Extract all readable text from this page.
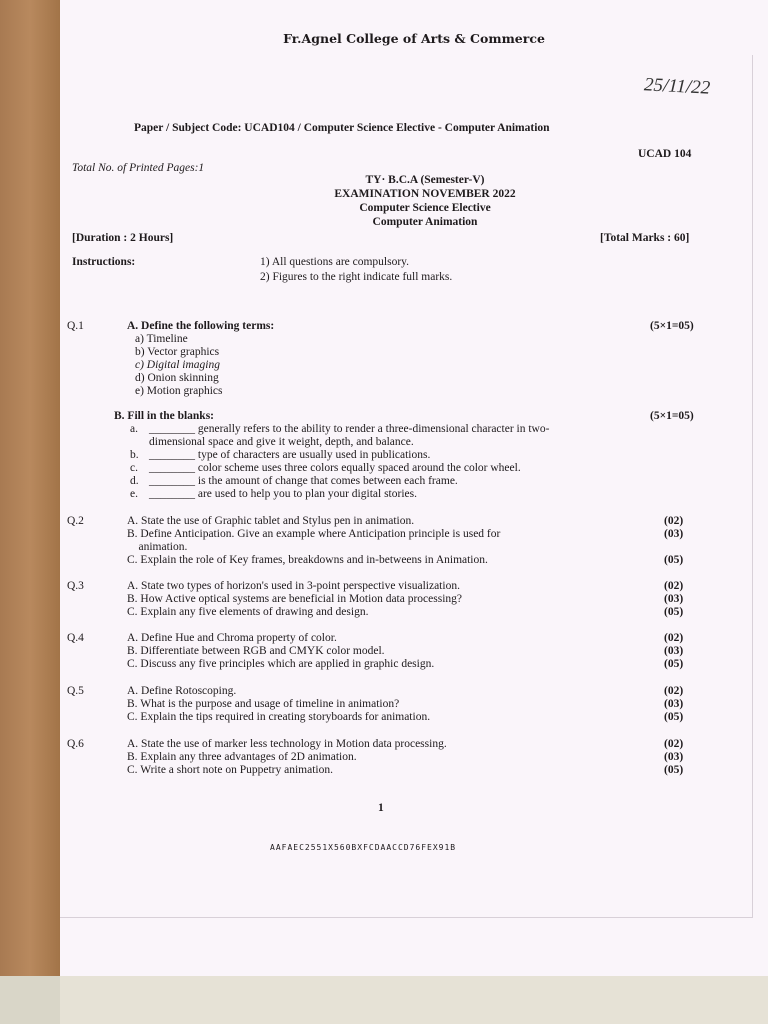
Fr.Agnel College of Arts & Commerce
25/11/22
Paper / Subject Code: UCAD104 / Computer Science Elective - Computer Animation
UCAD 104
Total No. of Printed Pages:1
TY· B.C.A (Semester-V)
EXAMINATION NOVEMBER 2022
Computer Science Elective
Computer Animation
[Duration : 2 Hours]	[Total Marks : 60]
Instructions:	1) All questions are compulsory.
2) Figures to the right indicate full marks.
Q.1	A. Define the following terms:	(5×1=05)
a) Timeline
b) Vector graphics
c) Digital imaging
d) Onion skinning
e) Motion graphics
B. Fill in the blanks:	(5×1=05)
a. ________ generally refers to the ability to render a three-dimensional character in two-
dimensional space and give it weight, depth, and balance.
b. ________ type of characters are usually used in publications.
c. ________ color scheme uses three colors equally spaced around the color wheel.
d. ________ is the amount of change that comes between each frame.
e. ________ are used to help you to plan your digital stories.
Q.2	A. State the use of Graphic tablet and Stylus pen in animation.	(02)
B. Define Anticipation. Give an example where Anticipation principle is used for	(03)
animation.
C. Explain the role of Key frames, breakdowns and in-betweens in Animation.	(05)
Q.3	A. State two types of horizon's used in 3-point perspective visualization.	(02)
B. How Active optical systems are beneficial in Motion data processing?	(03)
C. Explain any five elements of drawing and design.	(05)
Q.4	A. Define Hue and Chroma property of color.	(02)
B. Differentiate between RGB and CMYK color model.	(03)
C. Discuss any five principles which are applied in graphic design.	(05)
Q.5	A. Define Rotoscoping.	(02)
B. What is the purpose and usage of timeline in animation?	(03)
C. Explain the tips required in creating storyboards for animation.	(05)
Q.6	A. State the use of marker less technology in Motion data processing.	(02)
B. Explain any three advantages of 2D animation.	(03)
C. Write a short note on Puppetry animation.	(05)
1
AAFAEC2551X560BXFCDAACCD76FEX91B
